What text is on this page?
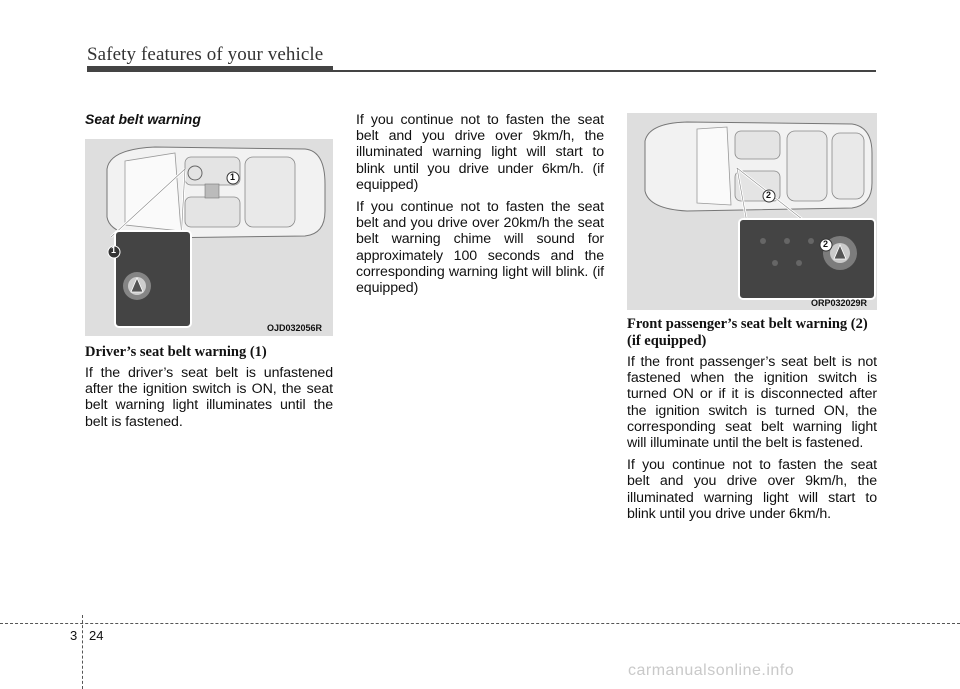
Safety features of your vehicle
Seat belt warning
1
1
OJD032056R

Driver’s seat belt warning (1)

If the driver’s seat belt is unfastened after the ignition switch is ON, the seat belt warning light illuminates until the belt is fastened.

If you continue not to fasten the seat belt and you drive over 9km/h, the illuminated warning light will start to blink until you drive under 6km/h. (if equipped)

If you continue not to fasten the seat belt and you drive over 20km/h the seat belt warning chime will sound for approximately 100 seconds and the corresponding warning light will blink. (if equipped)

2
2
ORP032029R

Front passenger’s seat belt warning (2) (if equipped)

If the front passenger’s seat belt is not fastened when the ignition switch is turned ON or if it is disconnected after the ignition switch is turned ON, the corresponding seat belt warning light will illuminate until the belt is fastened.

If you continue not to fasten the seat belt and you drive over 9km/h, the illuminated warning light will start to blink until you drive under 6km/h.

3 24
carmanualsonline.info
